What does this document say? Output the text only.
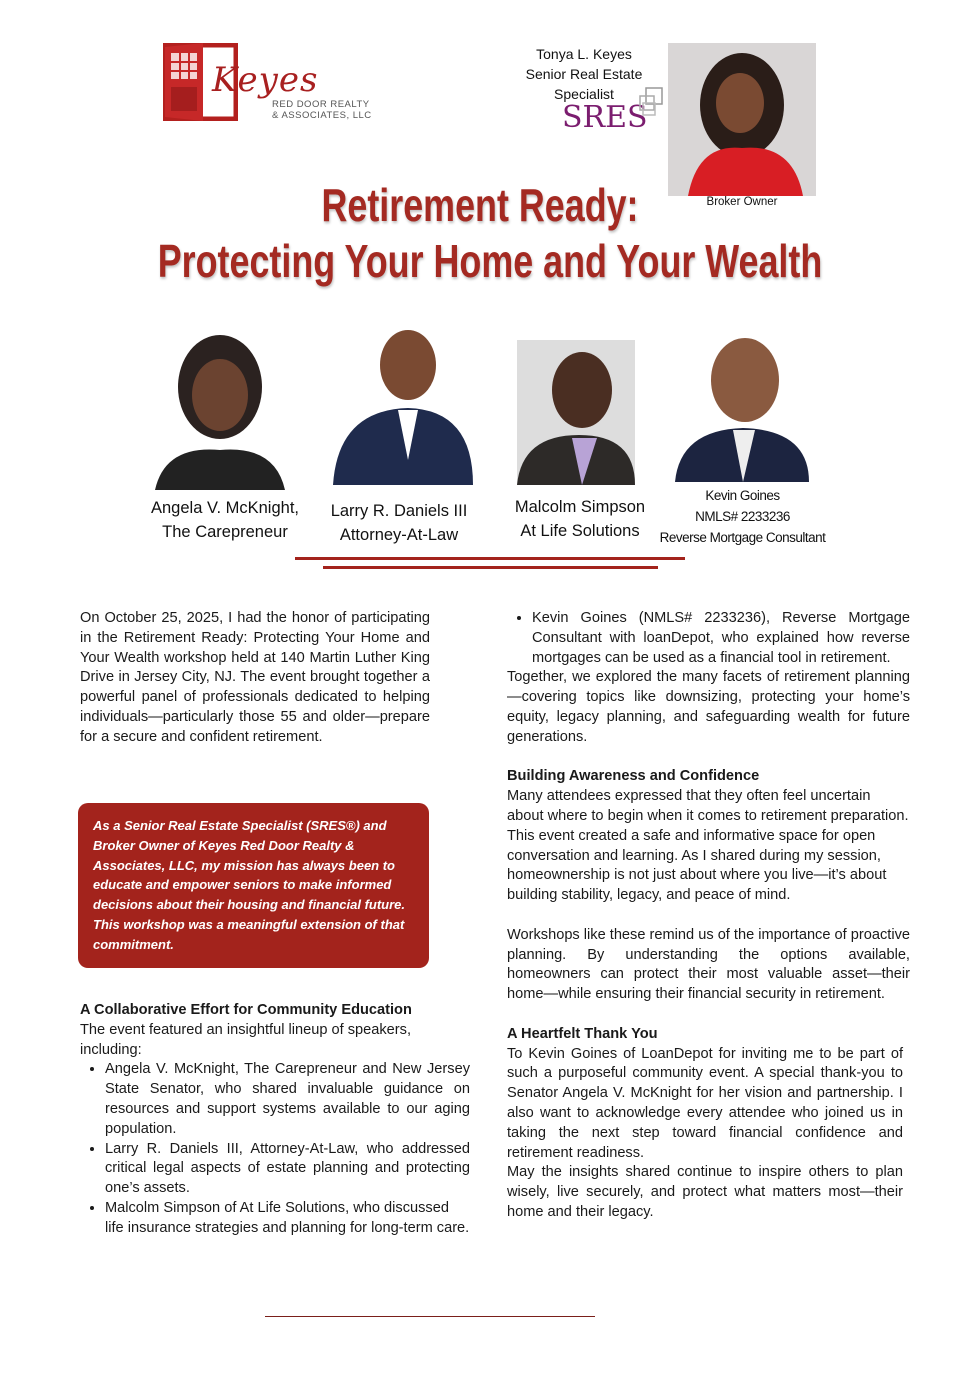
Keyes
RED DOOR REALTY
& ASSOCIATES, LLC
Tonya L. Keyes
Senior Real Estate
Specialist
SRES
Broker Owner
Retirement Ready:
Protecting Your Home and Your Wealth
Angela V. McKnight,
The Carepreneur
Larry R. Daniels III
Attorney-At-Law
Malcolm Simpson
At Life Solutions
Kevin Goines
NMLS# 2233236
Reverse Mortgage Consultant

On October 25, 2025, I had the honor of participating in the Retirement Ready: Protecting Your Home and Your Wealth workshop held at 140 Martin Luther King Drive in Jersey City, NJ. The event brought together a powerful panel of professionals dedicated to helping individuals—particularly those 55 and older—prepare for a secure and confident retirement.

As a Senior Real Estate Specialist (SRES®) and Broker Owner of Keyes Red Door Realty & Associates, LLC, my mission has always been to educate and empower seniors to make informed decisions about their housing and financial future. This workshop was a meaningful extension of that commitment.
A Collaborative Effort for Community Education

The event featured an insightful lineup of speakers, including:

• Angela V. McKnight, The Carepreneur and New Jersey State Senator, who shared invaluable guidance on resources and support systems available to our aging population.
• Larry R. Daniels III, Attorney-At-Law, who addressed critical legal aspects of estate planning and protecting one’s assets.
• Malcolm Simpson of At Life Solutions, who discussed life insurance strategies and planning for long-term care.
• Kevin Goines (NMLS# 2233236), Reverse Mortgage Consultant with loanDepot, who explained how reverse mortgages can be used as a financial tool in retirement.

Together, we explored the many facets of retirement planning—covering topics like downsizing, protecting your home’s equity, legacy planning, and safeguarding wealth for future generations.

Building Awareness and Confidence

Many attendees expressed that they often feel uncertain about where to begin when it comes to retirement preparation. This event created a safe and informative space for open conversation and learning. As I shared during my session, homeownership is not just about where you live—it’s about building stability, legacy, and peace of mind.

Workshops like these remind us of the importance of proactive planning. By understanding the options available, homeowners can protect their most valuable asset—their home—while ensuring their financial security in retirement.

A Heartfelt Thank You

To Kevin Goines of LoanDepot for inviting me to be part of such a purposeful community event. A special thank-you to Senator Angela V. McKnight for her vision and partnership. I also want to acknowledge every attendee who joined us in taking the next step toward financial confidence and retirement readiness.

May the insights shared continue to inspire others to plan wisely, live securely, and protect what matters most—their home and their legacy.
